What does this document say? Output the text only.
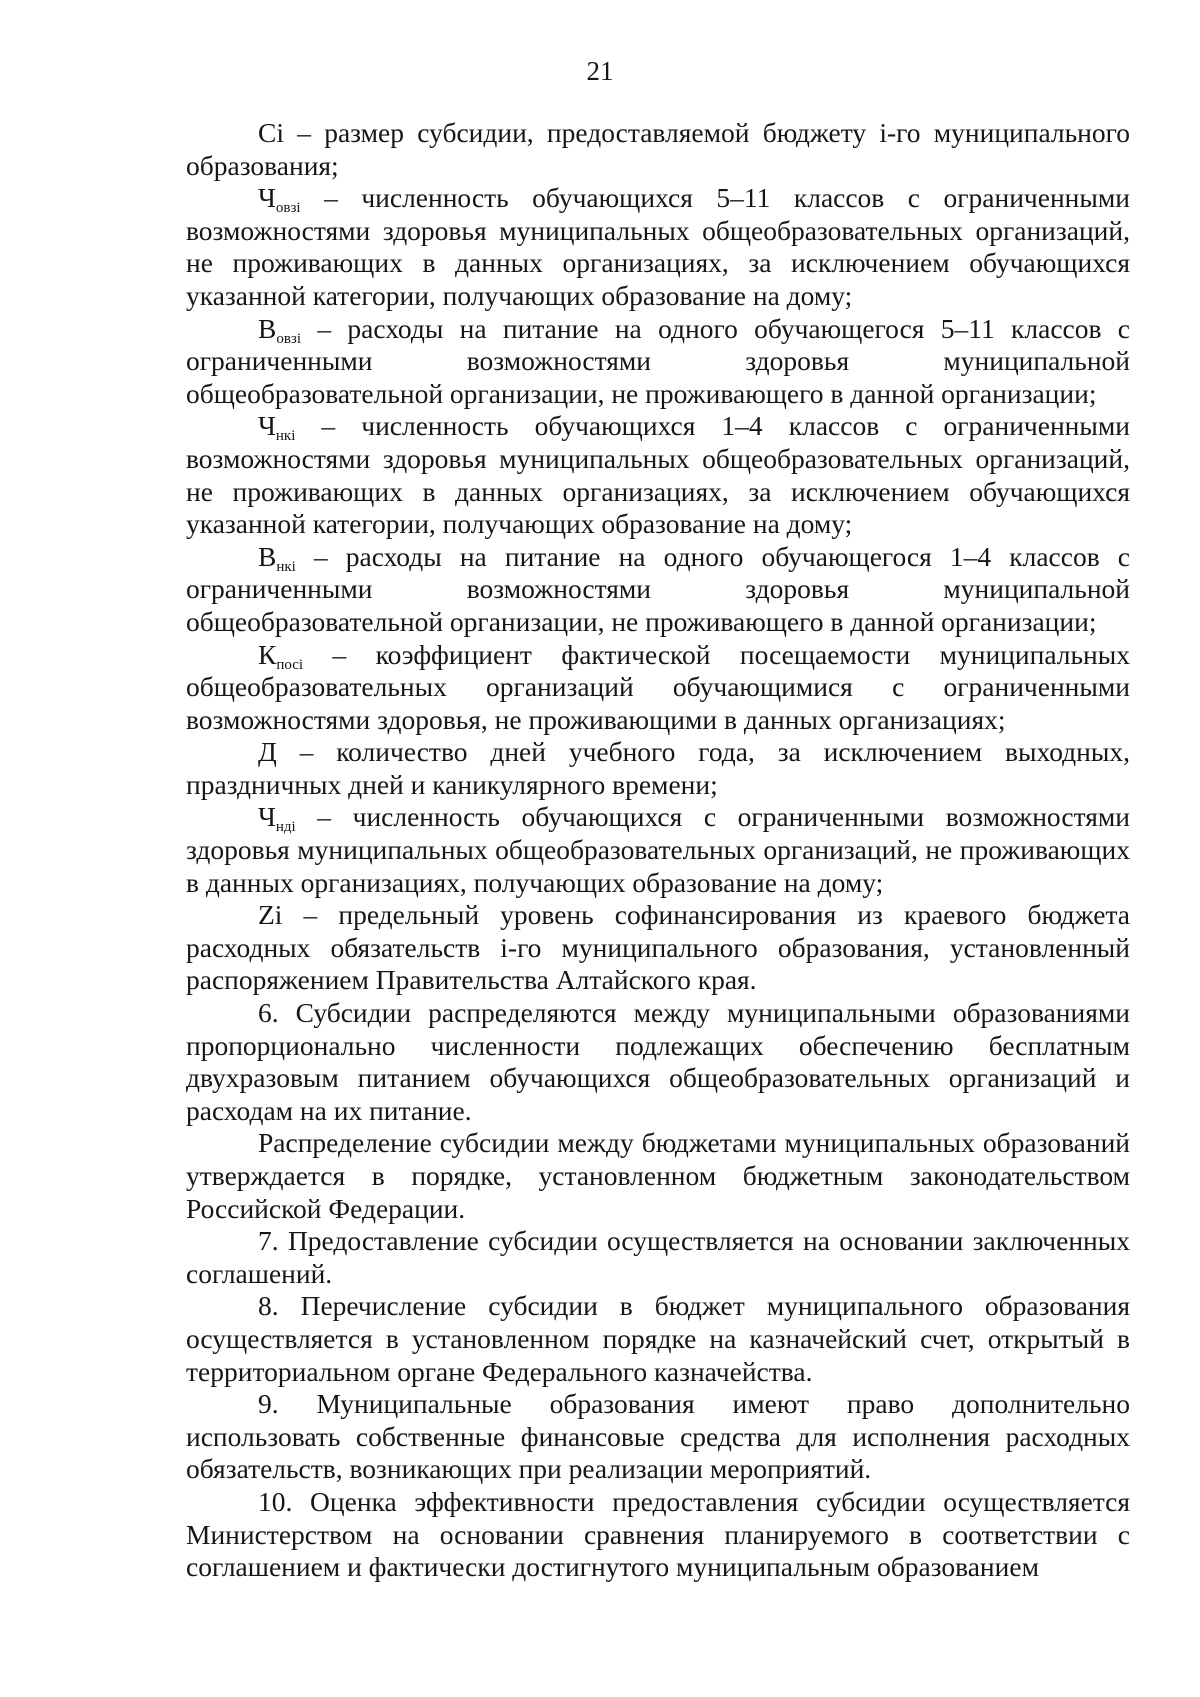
21

Сi – размер субсидии, предоставляемой бюджету i-го муниципального образования;

$Ч_{овзi}$ – численность обучающихся 5–11 классов с ограниченными возможностями здоровья муниципальных общеобразовательных организаций, не проживающих в данных организациях, за исключением обучающихся указанной категории, получающих образование на дому;

$В_{овзi}$ – расходы на питание на одного обучающегося 5–11 классов с ограниченными возможностями здоровья муниципальной общеобразовательной организации, не проживающего в данной организации;

$Ч_{нкi}$ – численность обучающихся 1–4 классов с ограниченными возможностями здоровья муниципальных общеобразовательных организаций, не проживающих в данных организациях, за исключением обучающихся указанной категории, получающих образование на дому;

$В_{нкi}$ – расходы на питание на одного обучающегося 1–4 классов с ограниченными возможностями здоровья муниципальной общеобразовательной организации, не проживающего в данной организации;

$К_{посi}$ – коэффициент фактической посещаемости муниципальных общеобразовательных организаций обучающимися с ограниченными возможностями здоровья, не проживающими в данных организациях;

Д – количество дней учебного года, за исключением выходных, праздничных дней и каникулярного времени;

$Ч_{ндi}$ – численность обучающихся с ограниченными возможностями здоровья муниципальных общеобразовательных организаций, не проживающих в данных организациях, получающих образование на дому;

Zi – предельный уровень софинансирования из краевого бюджета расходных обязательств i-го муниципального образования, установленный распоряжением Правительства Алтайского края.

6. Субсидии распределяются между муниципальными образованиями пропорционально численности подлежащих обеспечению бесплатным двухразовым питанием обучающихся общеобразовательных организаций и расходам на их питание.

Распределение субсидии между бюджетами муниципальных образований утверждается в порядке, установленном бюджетным законодательством Российской Федерации.

7. Предоставление субсидии осуществляется на основании заключенных соглашений.

8. Перечисление субсидии в бюджет муниципального образования осуществляется в установленном порядке на казначейский счет, открытый в территориальном органе Федерального казначейства.

9. Муниципальные образования имеют право дополнительно использовать собственные финансовые средства для исполнения расходных обязательств, возникающих при реализации мероприятий.

10. Оценка эффективности предоставления субсидии осуществляется Министерством на основании сравнения планируемого в соответствии с соглашением и фактически достигнутого муниципальным образованием
